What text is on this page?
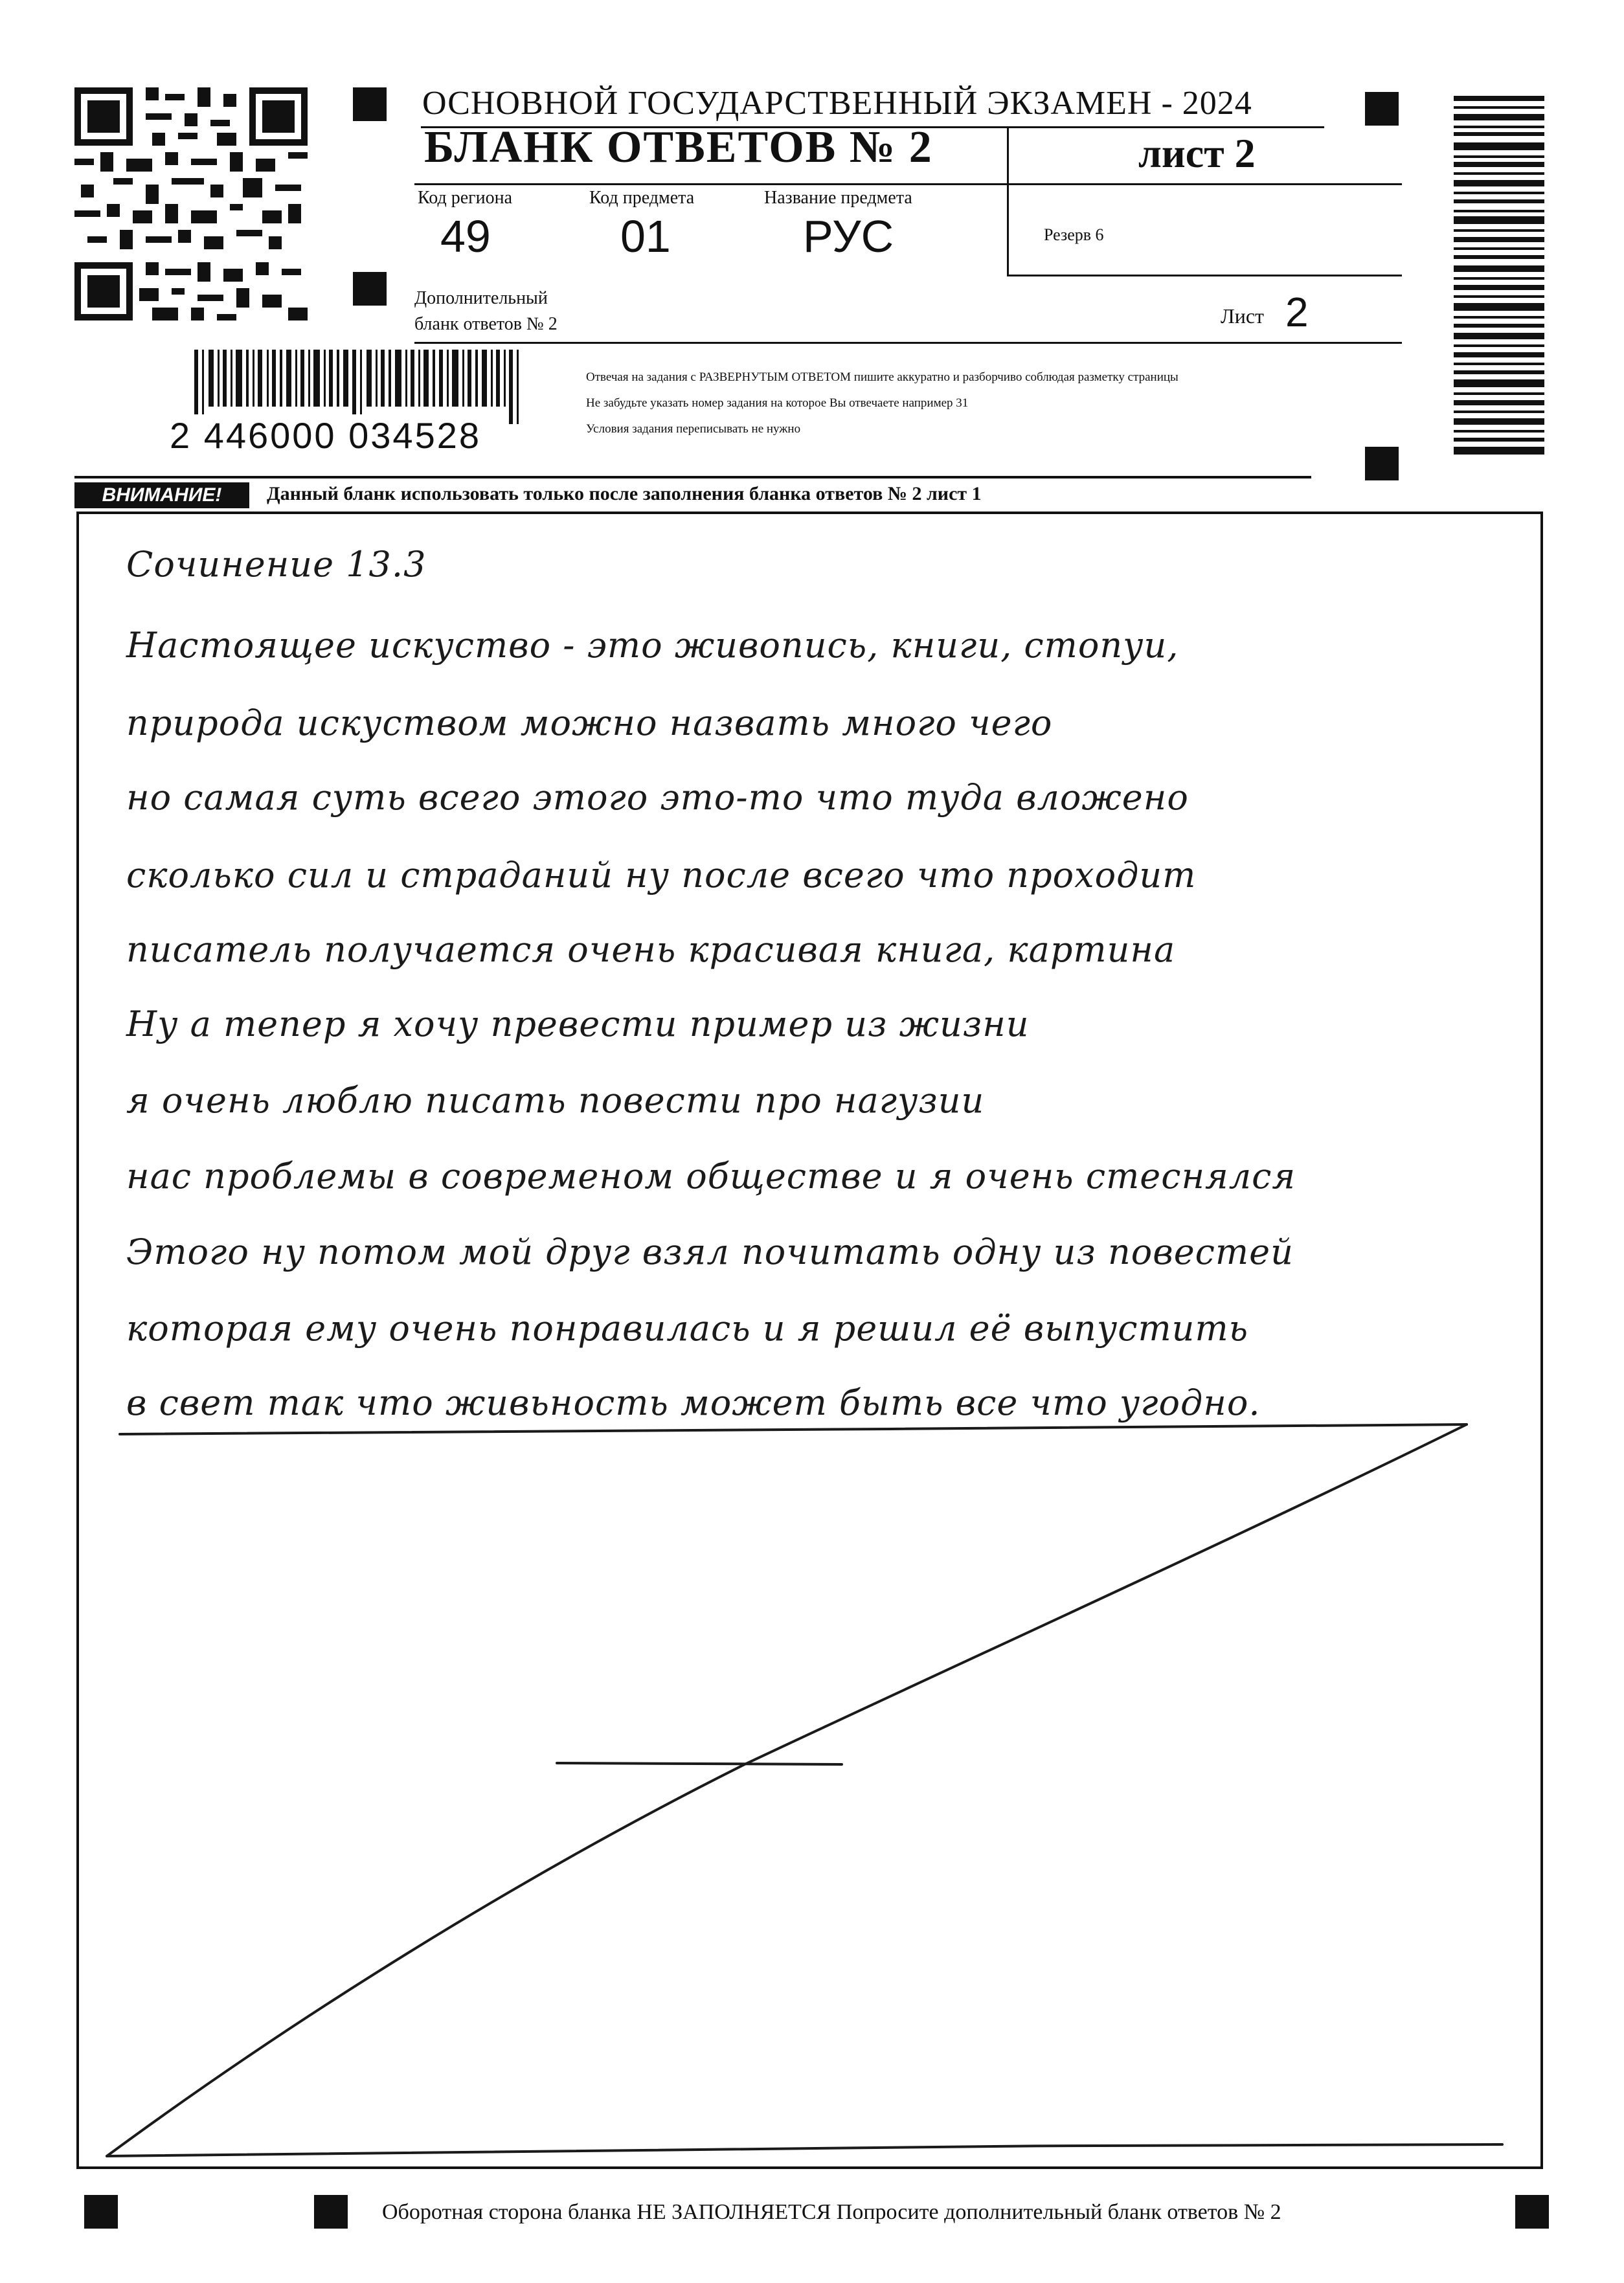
ОСНОВНОЙ ГОСУДАРСТВЕННЫЙ ЭКЗАМЕН - 2024
БЛАНК ОТВЕТОВ № 2	лист 2
Код региона
49
Код предмета
01
Название предмета
РУС	Резерв 6
Дополнительный
бланк ответов № 2	Лист 2
2 446000 034528
Отвечая на задания с РАЗВЕРНУТЫМ ОТВЕТОМ пишите аккуратно и разборчиво соблюдая разметку страницы
Не забудьте указать номер задания на которое Вы отвечаете например 31
Условия задания переписывать не нужно
ВНИМАНИЕ!	Данный бланк использовать только после заполнения бланка ответов № 2 лист 1
Сочинение 13.3
Настоящее искуство - это живопись, книги, стопуи,
природа искуством можно назвать много чего
но самая суть всего этого это-то что туда вложено
сколько сил и страданий ну после всего что проходит
писатель получается очень красивая книга, картина
Ну а тепер я хочу превести пример из жизни
я очень люблю писать повести про нагузии
нас проблемы в современом обществе и я очень стеснялся
Этого ну потом мой друг взял почитать одну из повестей
которая ему очень понравилась и я решил её выпустить
в свет так что живьность может быть все что угодно.
Оборотная сторона бланка НЕ ЗАПОЛНЯЕТСЯ Попросите дополнительный бланк ответов № 2
